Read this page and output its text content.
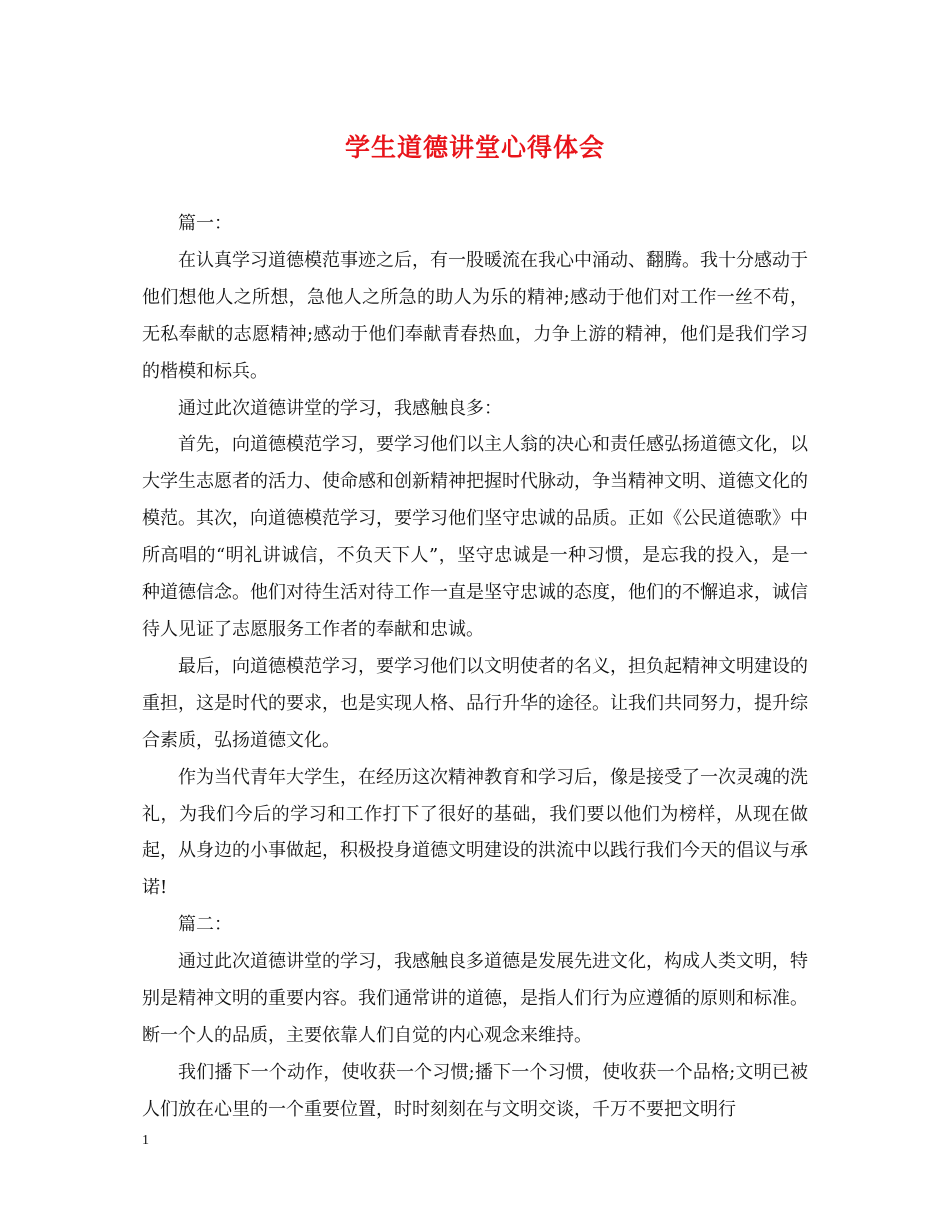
学生道德讲堂心得体会

篇一：

在认真学习道德模范事迹之后，有一股暖流在我心中涌动、翻腾。我十分感动于他们想他人之所想，急他人之所急的助人为乐的精神;感动于他们对工作一丝不苟，无私奉献的志愿精神;感动于他们奉献青春热血，力争上游的精神，他们是我们学习的楷模和标兵。

通过此次道德讲堂的学习，我感触良多：

首先，向道德模范学习，要学习他们以主人翁的决心和责任感弘扬道德文化，以大学生志愿者的活力、使命感和创新精神把握时代脉动，争当精神文明、道德文化的模范。其次，向道德模范学习，要学习他们坚守忠诚的品质。正如《公民道德歌》中所高唱的“明礼讲诚信，不负天下人”，坚守忠诚是一种习惯，是忘我的投入，是一种道德信念。他们对待生活对待工作一直是坚守忠诚的态度，他们的不懈追求，诚信待人见证了志愿服务工作者的奉献和忠诚。

最后，向道德模范学习，要学习他们以文明使者的名义，担负起精神文明建设的重担，这是时代的要求，也是实现人格、品行升华的途径。让我们共同努力，提升综合素质，弘扬道德文化。

作为当代青年大学生，在经历这次精神教育和学习后，像是接受了一次灵魂的洗礼，为我们今后的学习和工作打下了很好的基础，我们要以他们为榜样，从现在做起，从身边的小事做起，积极投身道德文明建设的洪流中以践行我们今天的倡议与承诺!

篇二：

通过此次道德讲堂的学习，我感触良多道德是发展先进文化，构成人类文明，特别是精神文明的重要内容。我们通常讲的道德，是指人们行为应遵循的原则和标准。断一个人的品质，主要依靠人们自觉的内心观念来维持。

我们播下一个动作，使收获一个习惯;播下一个习惯，使收获一个品格;文明已被人们放在心里的一个重要位置，时时刻刻在与文明交谈，千万不要把文明行

1
